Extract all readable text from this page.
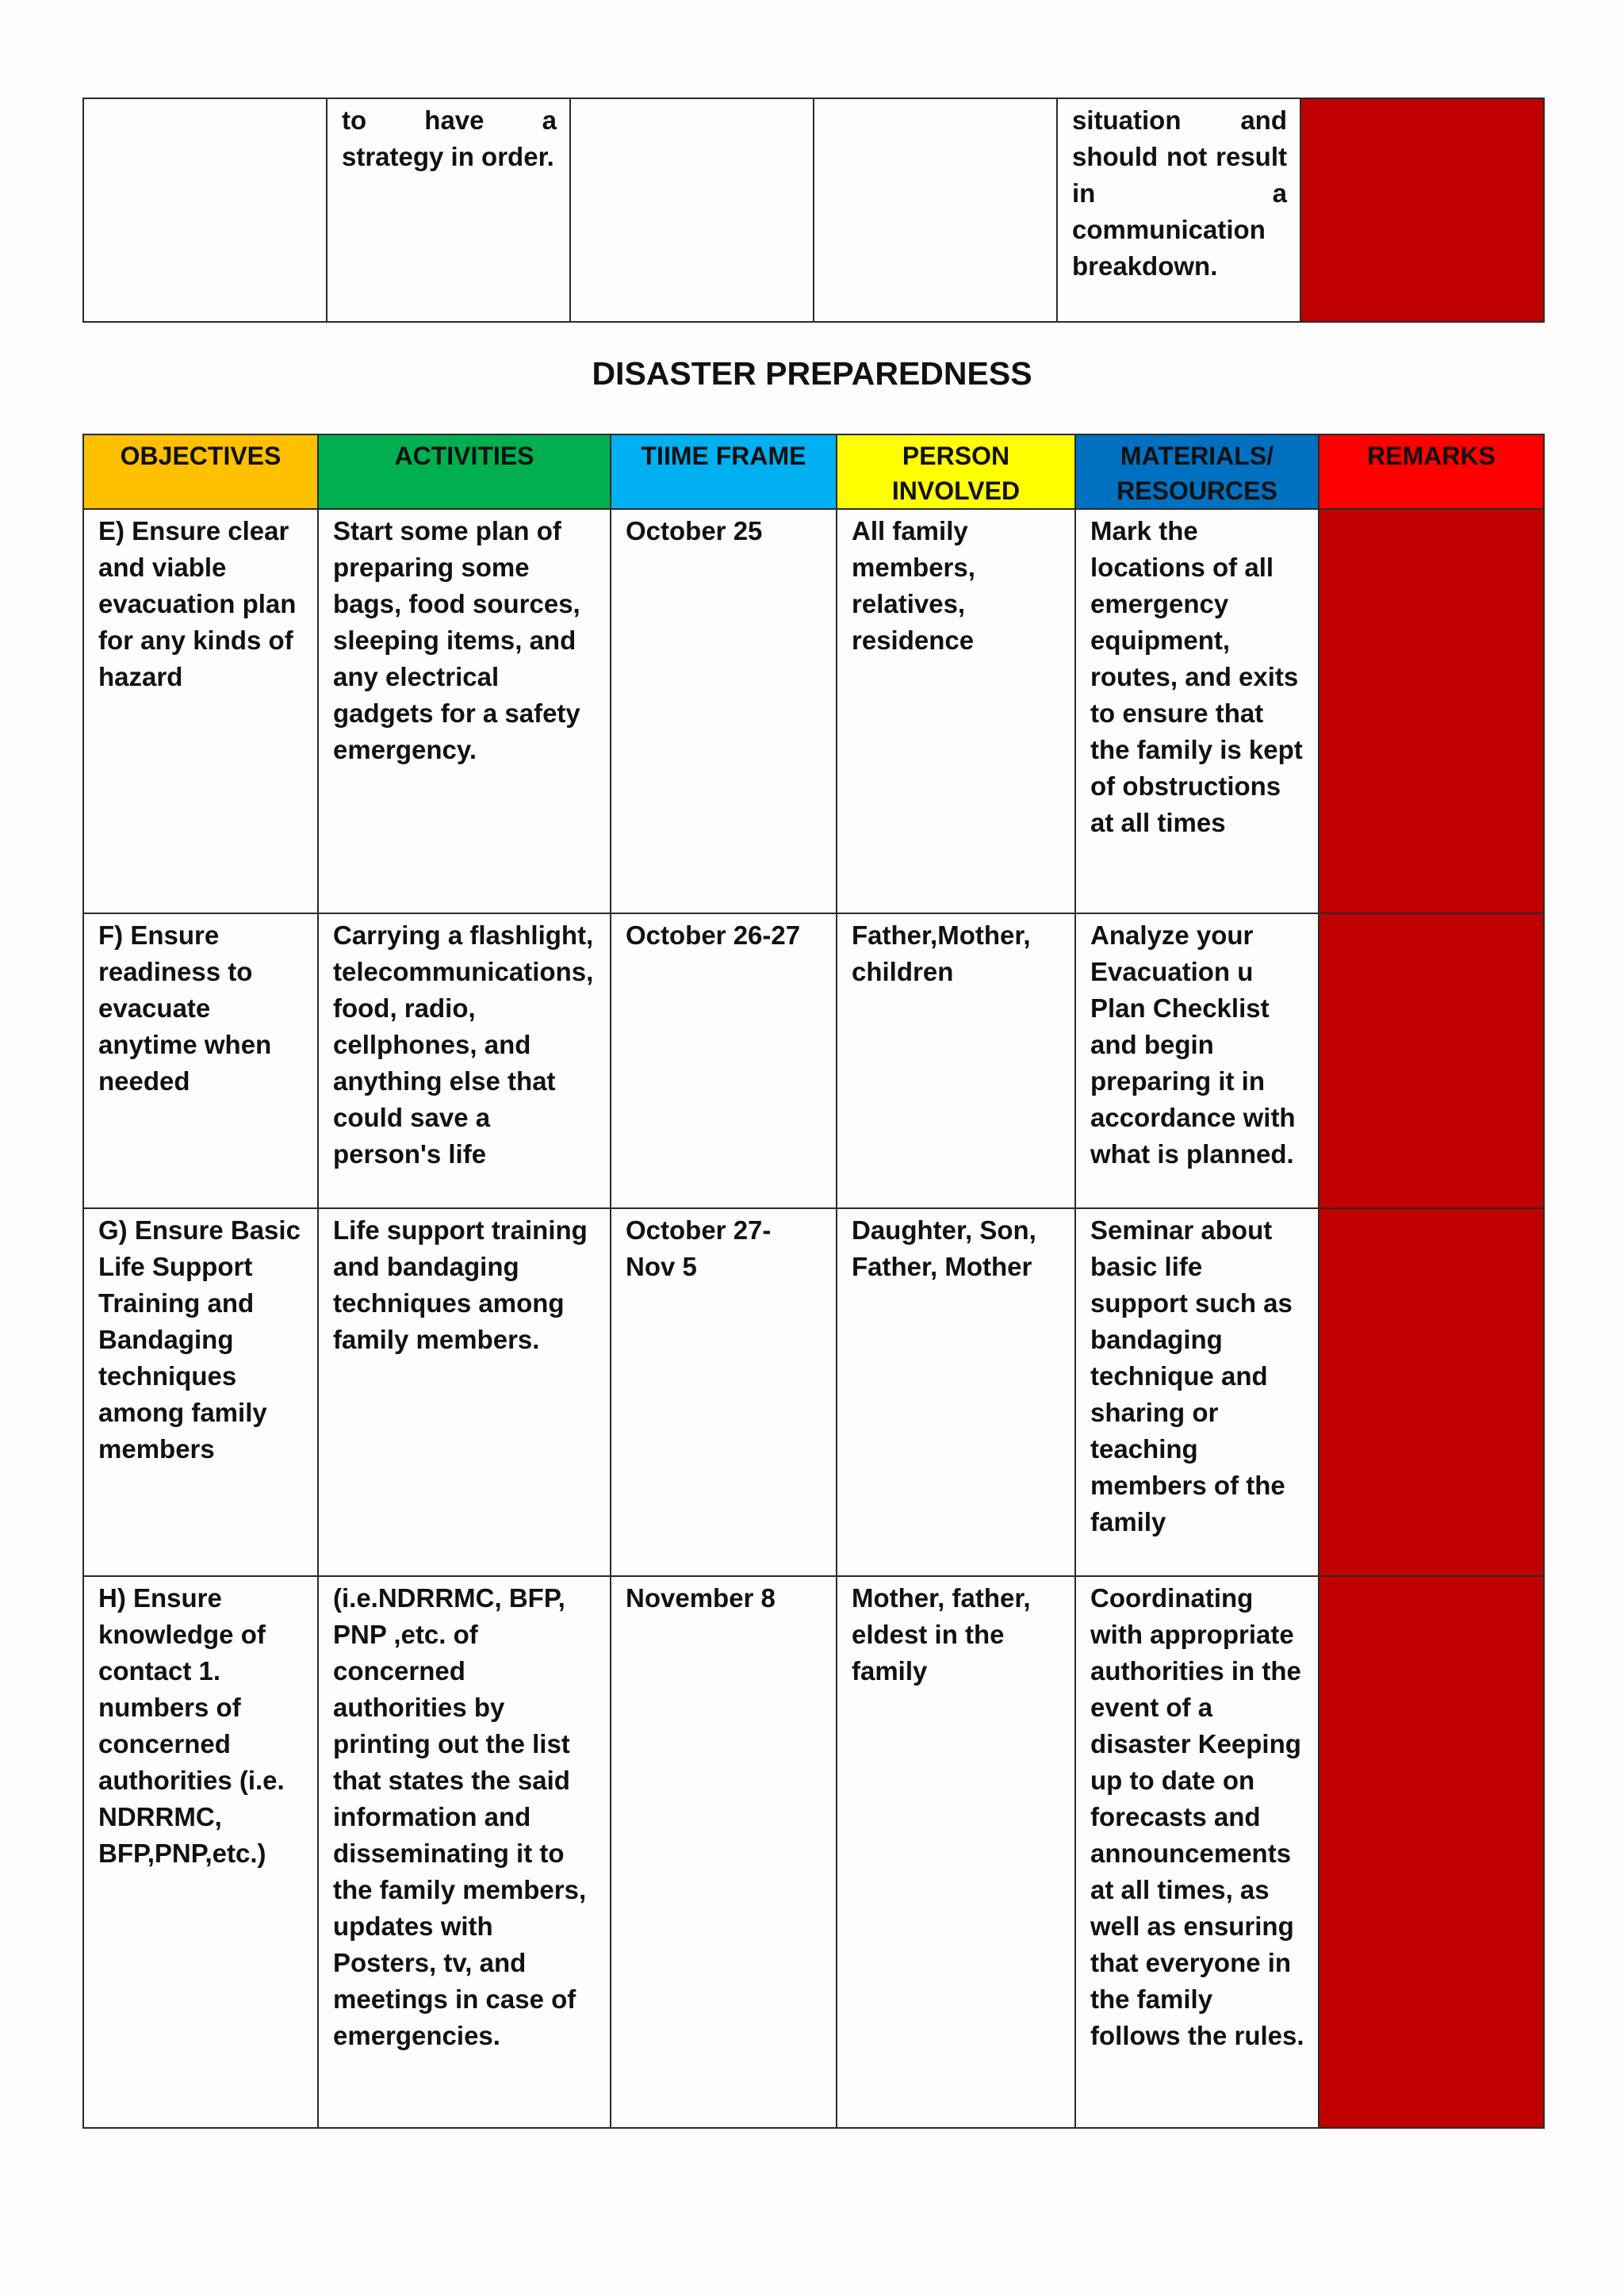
	to have a strategy in order.			situation and should not result in a communication breakdown.	
DISASTER PREPAREDNESS
OBJECTIVES	ACTIVITIES	TIIME FRAME	PERSON INVOLVED	MATERIALS/ RESOURCES	REMARKS
E) Ensure clear and viable evacuation plan for any kinds of hazard	Start some plan of preparing some bags, food sources, sleeping items, and any electrical gadgets for a safety emergency.	October 25	All family members, relatives, residence	Mark the locations of all emergency equipment, routes, and exits to ensure that the family is kept of obstructions at all times	
F) Ensure readiness to evacuate anytime when needed	Carrying a flashlight, telecommunications, food, radio, cellphones, and anything else that could save a person's life	October 26-27	Father,Mother, children	Analyze your Evacuation u Plan Checklist and begin preparing it in accordance with what is planned.	
G) Ensure Basic Life Support Training and Bandaging techniques among family members	Life support training and bandaging techniques among family members.	October 27- Nov 5	Daughter, Son, Father, Mother	Seminar about basic life support such as bandaging technique and sharing or teaching members of the family	
H) Ensure knowledge of contact 1. numbers of concerned authorities (i.e. NDRRMC, BFP,PNP,etc.)	(i.e.NDRRMC, BFP, PNP ,etc. of concerned authorities by printing out the list that states the said information and disseminating it to the family members, updates with Posters, tv, and meetings in case of emergencies.	November 8	Mother, father, eldest in the family	Coordinating with appropriate authorities in the event of a disaster Keeping up to date on forecasts and announcements at all times, as well as ensuring that everyone in the family follows the rules.	
